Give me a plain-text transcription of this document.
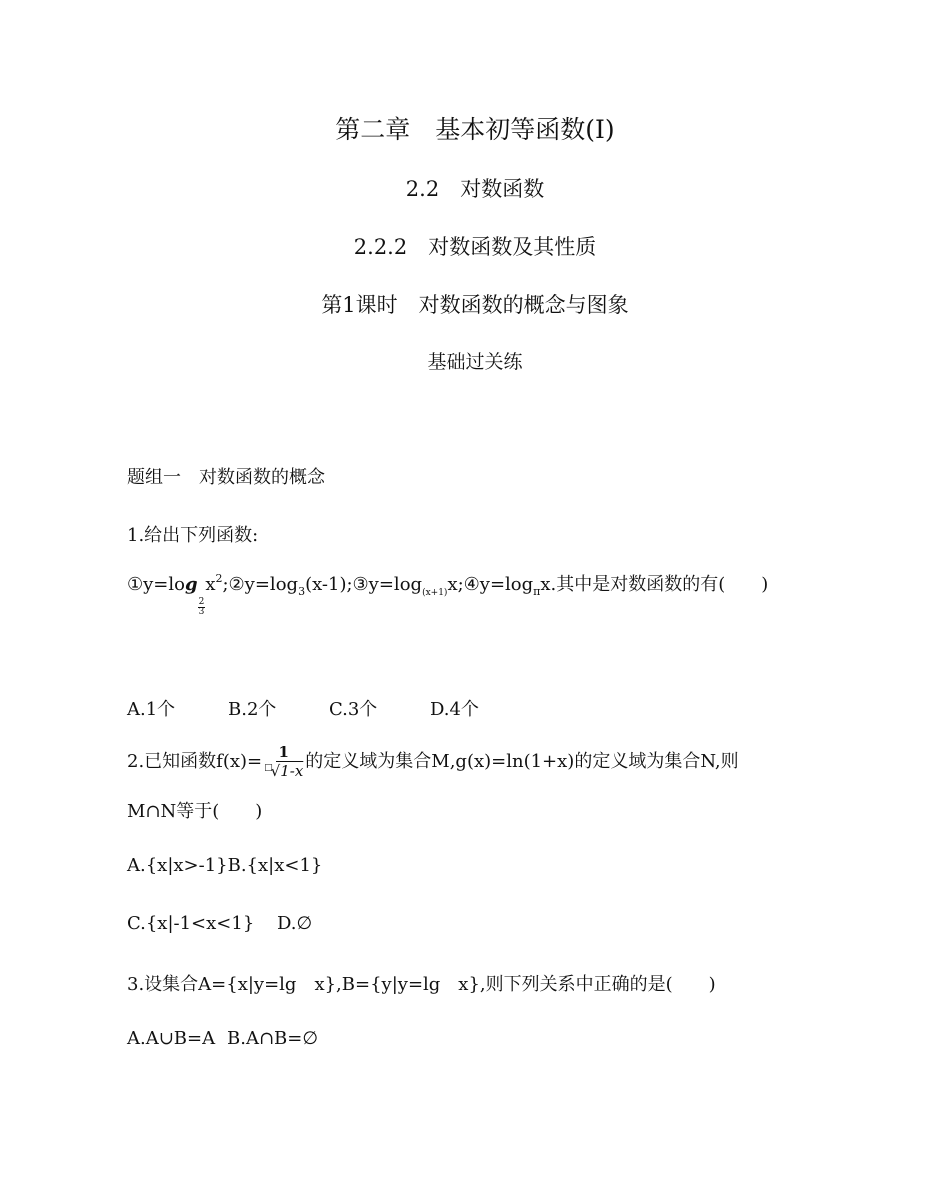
第二章　基本初等函数(Ⅰ)
2.2　对数函数
2.2.2　对数函数及其性质
第1课时　对数函数的概念与图象
基础过关练
题组一　对数函数的概念
1.给出下列函数:
①y=log
$\frac{2}{3}$
$x^2;②y=\log_3(x-1);③y=\log_{(x+1)}x;④y=\log_\pi x$.其中是对数函数的有(　　)
A.1个	B.2个	C.3个	D.4个
2.已知函数$f(x)= \frac{1}{^□√1-x}$ 的定义域为集合M,g(x)=ln(1+x)的定义域为集合N,则
M∩N等于(　　)
A.{x|x>-1}B.{x|x<1}
C.{x|-1<x<1} D.∅
3.设集合A={x|y=lg　x},B={y|y=lg　x},则下列关系中正确的是(　　)
A.A∪B=A B.A∩B=∅
